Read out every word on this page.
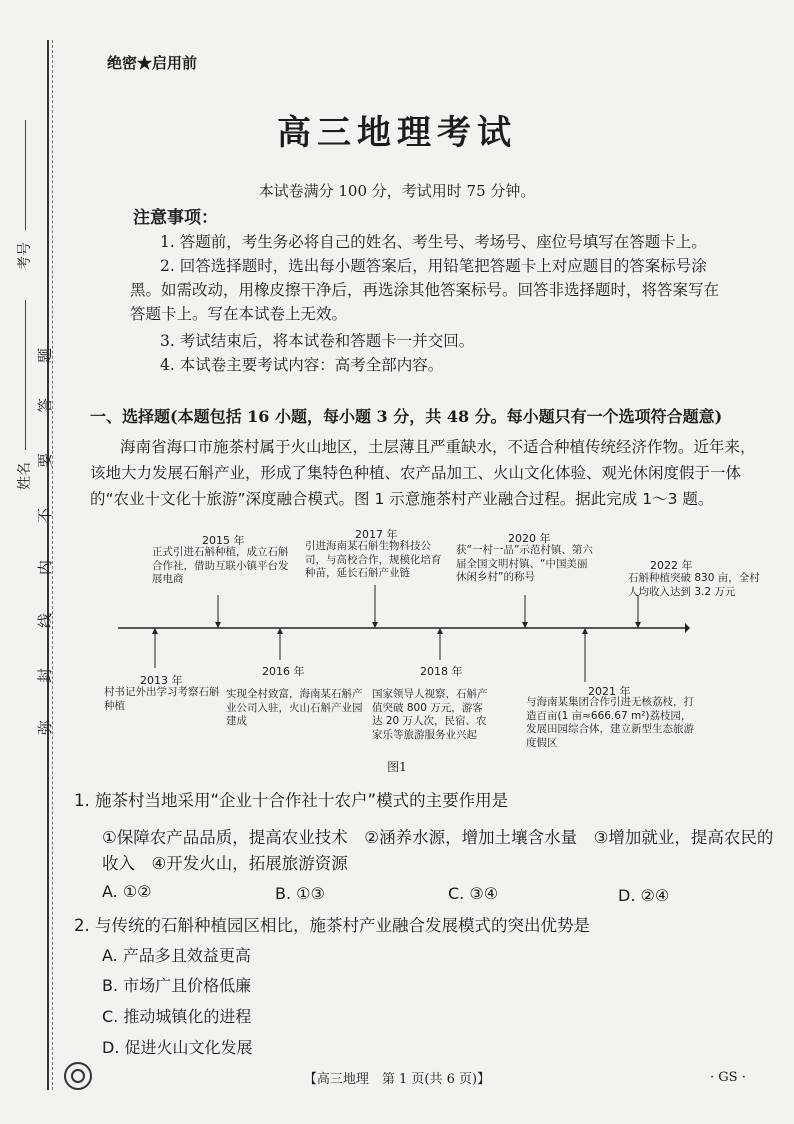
考号
姓名
题
答
要
不
内
线
封
弥
绝密★启用前
高三地理考试
本试卷满分 100 分，考试用时 75 分钟。
注意事项：
1. 答题前，考生务必将自己的姓名、考生号、考场号、座位号填写在答题卡上。
2. 回答选择题时，选出每小题答案后，用铅笔把答题卡上对应题目的答案标号涂
黑。如需改动，用橡皮擦干净后，再选涂其他答案标号。回答非选择题时，将答案写在
答题卡上。写在本试卷上无效。
3. 考试结束后，将本试卷和答题卡一并交回。
4. 本试卷主要考试内容：高考全部内容。
一、选择题(本题包括 16 小题，每小题 3 分，共 48 分。每小题只有一个选项符合题意)
海南省海口市施茶村属于火山地区，土层薄且严重缺水，不适合种植传统经济作物。近年来，该地大力发展石斛产业，形成了集特色种植、农产品加工、火山文化体验、观光休闲度假于一体的“农业十文化十旅游”深度融合模式。图 1 示意施茶村产业融合过程。据此完成 1～3 题。
2015 年
正式引进石斛种植，成立石斛合作社，借助互联小镇平台发展电商
2017 年
引进海南某石斛生物科技公司，与高校合作，规模化培育种苗，延长石斛产业链
2020 年
获“一村一品”示范村镇、第六届全国文明村镇、“中国美丽休闲乡村”的称号
2022 年
石斛种植突破 830 亩，全村人均收入达到 3.2 万元
2013 年
村书记外出学习考察石斛种植
2016 年
实现全村致富，海南某石斛产业公司入驻，火山石斛产业园建成
2018 年
国家领导人视察，石斛产值突破 800 万元，游客达 20 万人次，民宿、农家乐等旅游服务业兴起
2021 年
与海南某集团合作引进无核荔枝，打造百亩(1 亩≈666.67 m²)荔枝园，发展田园综合体，建立新型生态旅游度假区
图1
1. 施茶村当地采用“企业十合作社十农户”模式的主要作用是
①保障农产品品质，提高农业技术　②涵养水源，增加土壤含水量　③增加就业，提高农民的
收入　④开发火山，拓展旅游资源
A. ①②	B. ①③	C. ③④	D. ②④
2. 与传统的石斛种植园区相比，施茶村产业融合发展模式的突出优势是
A. 产品多且效益更高
B. 市场广且价格低廉
C. 推动城镇化的进程
D. 促进火山文化发展
【高三地理　第 1 页(共 6 页)】	· GS ·
